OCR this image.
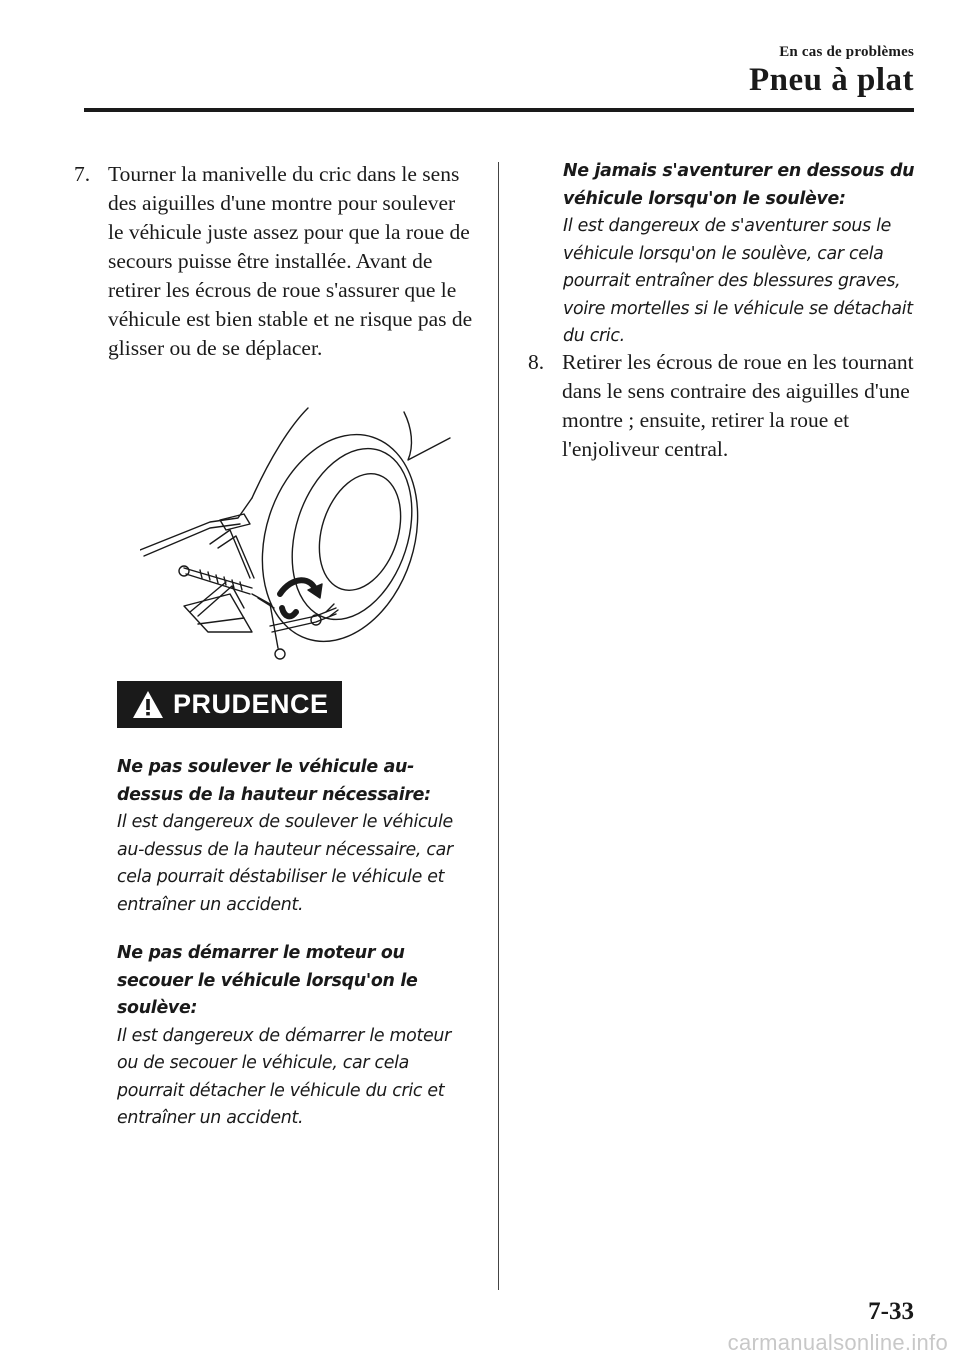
En cas de problèmes
Pneu à plat
7. Tourner la manivelle du cric dans le sens des aiguilles d'une montre pour soulever le véhicule juste assez pour que la roue de secours puisse être installée. Avant de retirer les écrous de roue s'assurer que le véhicule est bien stable et ne risque pas de glisser ou de se déplacer.
PRUDENCE
Ne pas soulever le véhicule au-dessus de la hauteur nécessaire:
Il est dangereux de soulever le véhicule au-dessus de la hauteur nécessaire, car cela pourrait déstabiliser le véhicule et entraîner un accident.
Ne pas démarrer le moteur ou secouer le véhicule lorsqu'on le soulève:
Il est dangereux de démarrer le moteur ou de secouer le véhicule, car cela pourrait détacher le véhicule du cric et entraîner un accident.
Ne jamais s'aventurer en dessous du véhicule lorsqu'on le soulève:
Il est dangereux de s'aventurer sous le véhicule lorsqu'on le soulève, car cela pourrait entraîner des blessures graves, voire mortelles si le véhicule se détachait du cric.
8. Retirer les écrous de roue en les tournant dans le sens contraire des aiguilles d'une montre ; ensuite, retirer la roue et l'enjoliveur central.
7-33
carmanualsonline.info
